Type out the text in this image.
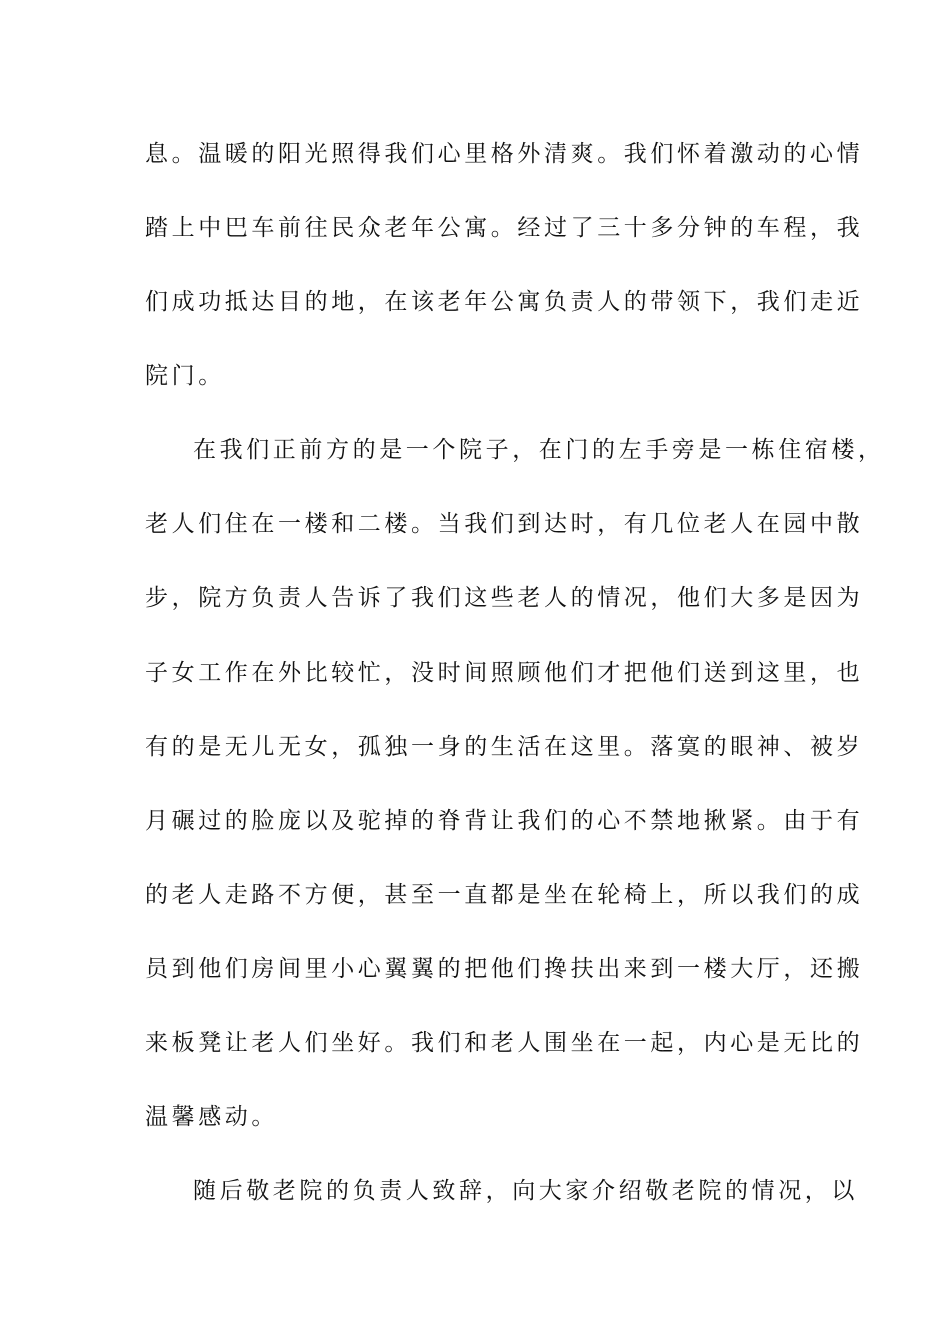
息。温暖的阳光照得我们心里格外清爽。我们怀着激动的心情
踏上中巴车前往民众老年公寓。经过了三十多分钟的车程，我
们成功抵达目的地，在该老年公寓负责人的带领下，我们走近
院门。
在我们正前方的是一个院子，在门的左手旁是一栋住宿楼，
老人们住在一楼和二楼。当我们到达时，有几位老人在园中散
步，院方负责人告诉了我们这些老人的情况，他们大多是因为
子女工作在外比较忙，没时间照顾他们才把他们送到这里，也
有的是无儿无女，孤独一身的生活在这里。落寞的眼神、被岁
月碾过的脸庞以及驼掉的脊背让我们的心不禁地揪紧。由于有
的老人走路不方便，甚至一直都是坐在轮椅上，所以我们的成
员到他们房间里小心翼翼的把他们搀扶出来到一楼大厅，还搬
来板凳让老人们坐好。我们和老人围坐在一起，内心是无比的
温馨感动。
随后敬老院的负责人致辞，向大家介绍敬老院的情况，以
